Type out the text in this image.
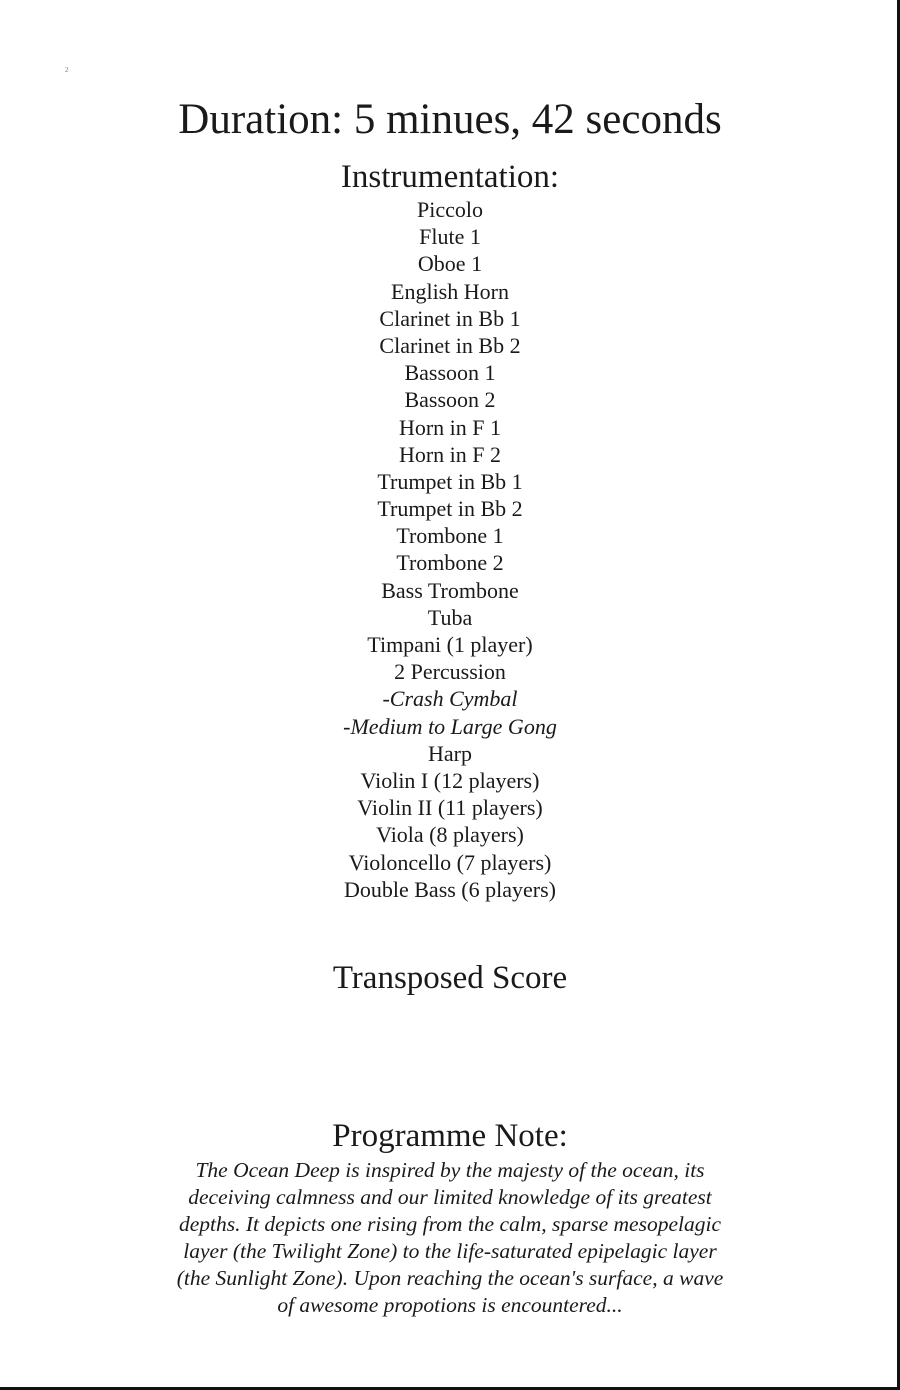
2
Duration: 5 minues, 42 seconds
Instrumentation:
Piccolo
Flute 1
Oboe 1
English Horn
Clarinet in Bb 1
Clarinet in Bb 2
Bassoon 1
Bassoon 2
Horn in F 1
Horn in F 2
Trumpet in Bb 1
Trumpet in Bb 2
Trombone 1
Trombone 2
Bass Trombone
Tuba
Timpani (1 player)
2 Percussion
-Crash Cymbal
-Medium to Large Gong
Harp
Violin I (12 players)
Violin II (11 players)
Viola (8 players)
Violoncello (7 players)
Double Bass (6 players)
Transposed Score
Programme Note:
The Ocean Deep is inspired by the majesty of the ocean, its
deceiving calmness and our limited knowledge of its greatest
depths. It depicts one rising from the calm, sparse mesopelagic
layer (the Twilight Zone) to the life-saturated epipelagic layer
(the Sunlight Zone). Upon reaching the ocean's surface, a wave
of awesome propotions is encountered...
